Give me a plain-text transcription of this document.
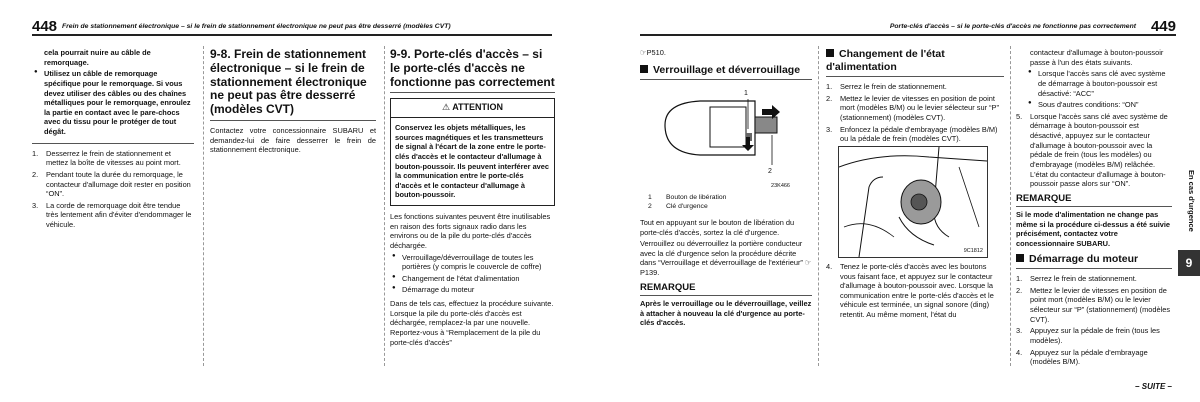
448 Frein de stationnement électronique – si le frein de stationnement électronique ne peut pas être desserré (modèles CVT)	Porte-clés d'accès – si le porte-clés d'accès ne fonctionne pas correctement 449

cela pourrait nuire au câble de remorquage.

● Utilisez un câble de remorquage spécifique pour le remorquage. Si vous devez utiliser des câbles ou des chaînes métalliques pour le remorquage, enroulez la partie en contact avec le pare-chocs avec du tissu pour le protéger de tout dégât.
1. Desserrez le frein de stationnement et mettez la boîte de vitesses au point mort.
2. Pendant toute la durée du remorquage, le contacteur d'allumage doit rester en position “ON”.
3. La corde de remorquage doit être tendue très lentement afin d'éviter d'endommager le véhicule.
9-8. Frein de stationnement électronique – si le frein de stationnement électronique ne peut pas être desserré (modèles CVT)

Contactez votre concessionnaire SUBARU et demandez-lui de faire desserrer le frein de stationnement électronique.

9-9. Porte-clés d'accès – si le porte-clés d'accès ne fonctionne pas correctement
⚠ ATTENTION
Conservez les objets métalliques, les sources magnétiques et les transmetteurs de signal à l'écart de la zone entre le porte-clés d'accès et le contacteur d'allumage à bouton-poussoir. Ils peuvent interférer avec la communication entre le porte-clés d'accès et le contacteur d'allumage à bouton-poussoir.

Les fonctions suivantes peuvent être inutilisables en raison des forts signaux radio dans les environs ou de la pile du porte-clés d'accès déchargée.

● Verrouillage/déverrouillage de toutes les portières (y compris le couvercle de coffre)
● Changement de l'état d'alimentation
● Démarrage du moteur

Dans de tels cas, effectuez la procédure suivante. Lorsque la pile du porte-clés d'accès est déchargée, remplacez-la par une nouvelle. Reportez-vous à “Remplacement de la pile du porte-clés d'accès”

☞P510.

Verrouillage et déverrouillage
1
2
23K466
1 Bouton de libération
2 Clé d'urgence

Tout en appuyant sur le bouton de libération du porte-clés d'accès, sortez la clé d'urgence.

Verrouillez ou déverrouillez la portière conducteur avec la clé d'urgence selon la procédure décrite dans “Verrouillage et déverrouillage de l'extérieur” ☞P139.

REMARQUE

Après le verrouillage ou le déverrouillage, veillez à attacher à nouveau la clé d'urgence au porte-clés d'accès.

Changement de l'état d'alimentation
1. Serrez le frein de stationnement.
2. Mettez le levier de vitesses en position de point mort (modèles B/M) ou le levier sélecteur sur “P” (stationnement) (modèles CVT).
3. Enfoncez la pédale d'embrayage (modèles B/M) ou la pédale de frein (modèles CVT).
9C1812
4. Tenez le porte-clés d'accès avec les boutons vous faisant face, et appuyez sur le contacteur d'allumage à bouton-poussoir avec. Lorsque la communication entre le porte-clés d'accès et le véhicule est terminée, un signal sonore (ding) retentit. Au même moment, l'état du

contacteur d'allumage à bouton-poussoir passe à l'un des états suivants.

● Lorsque l'accès sans clé avec système de démarrage à bouton-poussoir est désactivé: “ACC”
● Sous d'autres conditions: “ON”
5. Lorsque l'accès sans clé avec système de démarrage à bouton-poussoir est désactivé, appuyez sur le contacteur d'allumage à bouton-poussoir avec la pédale de frein (tous les modèles) ou d'embrayage (modèles B/M) relâchée. L'état du contacteur d'allumage à bouton-poussoir passe alors sur “ON”.
REMARQUE

Si le mode d'alimentation ne change pas même si la procédure ci-dessus a été suivie précisément, contactez votre concessionnaire SUBARU.

Démarrage du moteur
1. Serrez le frein de stationnement.
2. Mettez le levier de vitesses en position de point mort (modèles B/M) ou le levier sélecteur sur “P” (stationnement) (modèles CVT).
3. Appuyez sur la pédale de frein (tous les modèles).
4. Appuyez sur la pédale d'embrayage (modèles B/M).
En cas d'urgence
9
– SUITE –
